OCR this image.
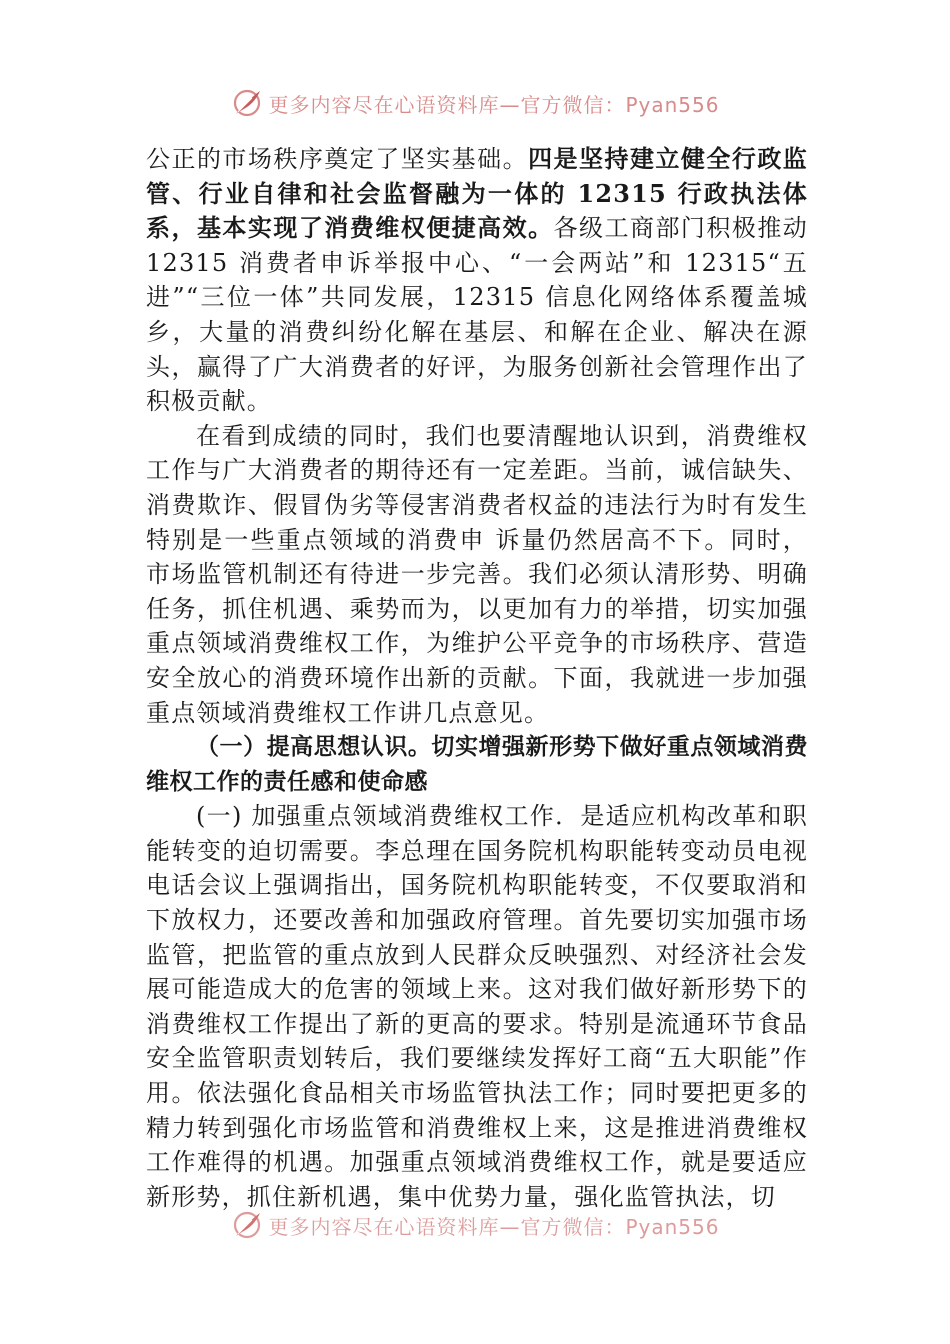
更多内容尽在心语资料库—官方微信：Pyan556

公正的市场秩序奠定了坚实基础。四是坚持建立健全行政监管、行业自律和社会监督融为一体的 12315 行政执法体系，基本实现了消费维权便捷高效。各级工商部门积极推动 12315 消费者申诉举报中心、“一会两站”和 12315“五进”“三位一体”共同发展，12315 信息化网络体系覆盖城乡，大量的消费纠纷化解在基层、和解在企业、解决在源头，赢得了广大消费者的好评，为服务创新社会管理作出了积极贡献。

在看到成绩的同时，我们也要清醒地认识到，消费维权工作与广大消费者的期待还有一定差距。当前，诚信缺失、消费欺诈、假冒伪劣等侵害消费者权益的违法行为时有发生特别是一些重点领域的消费申 诉量仍然居高不下。同时，市场监管机制还有待进一步完善。我们必须认清形势、明确任务，抓住机遇、乘势而为，以更加有力的举措，切实加强重点领域消费维权工作，为维护公平竞争的市场秩序、营造安全放心的消费环境作出新的贡献。下面，我就进一步加强重点领域消费维权工作讲几点意见。

（一）提高思想认识。切实增强新形势下做好重点领域消费维权工作的责任感和使命感

(一) 加强重点领域消费维权工作．是适应机构改革和职能转变的迫切需要。李总理在国务院机构职能转变动员电视电话会议上强调指出，国务院机构职能转变，不仅要取消和下放权力，还要改善和加强政府管理。首先要切实加强市场监管，把监管的重点放到人民群众反映强烈、对经济社会发展可能造成大的危害的领域上来。这对我们做好新形势下的消费维权工作提出了新的更高的要求。特别是流通环节食品安全监管职责划转后，我们要继续发挥好工商“五大职能”作用。依法强化食品相关市场监管执法工作；同时要把更多的精力转到强化市场监管和消费维权上来，这是推进消费维权工作难得的机遇。加强重点领域消费维权工作，就是要适应新形势，抓住新机遇，集中优势力量，强化监管执法，切

更多内容尽在心语资料库—官方微信：Pyan556
